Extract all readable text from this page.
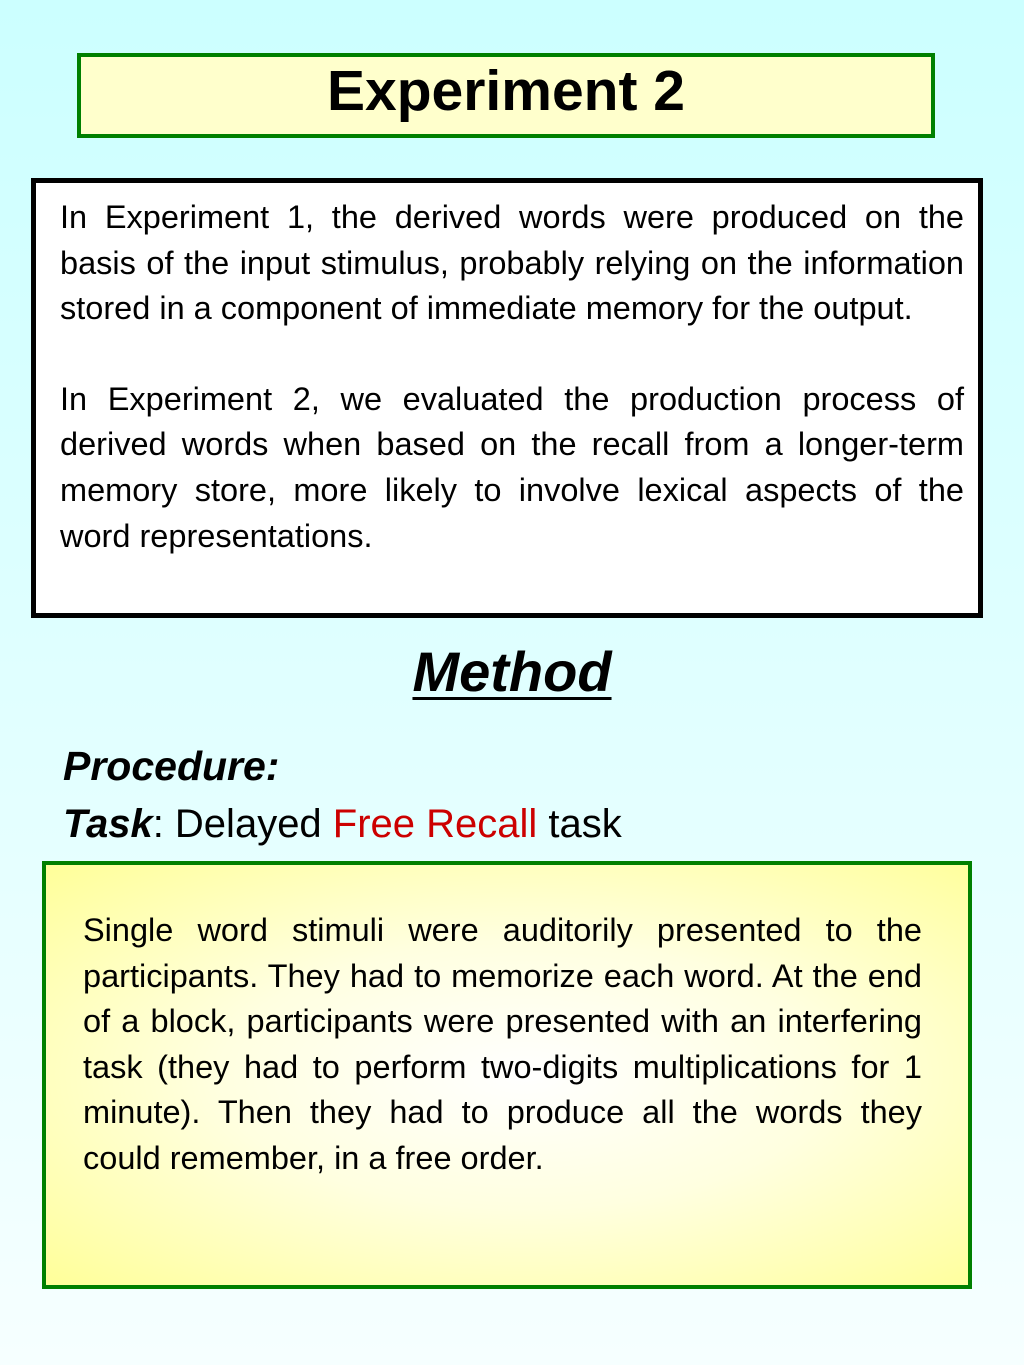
Experiment 2

In Experiment 1, the derived words were produced on the basis of the input stimulus, probably relying on the information stored in a component of immediate memory for the output.

In Experiment 2, we evaluated the production process of derived words when based on the recall from a longer-term memory store, more likely to involve lexical aspects of the word representations.

Method
Procedure:
Task: Delayed Free Recall task

Single word stimuli were auditorily presented to the participants. They had to memorize each word. At the end of a block, participants were presented with an interfering task (they had to perform two-digits multiplications for 1 minute). Then they had to produce all the words they could remember, in a free order.
